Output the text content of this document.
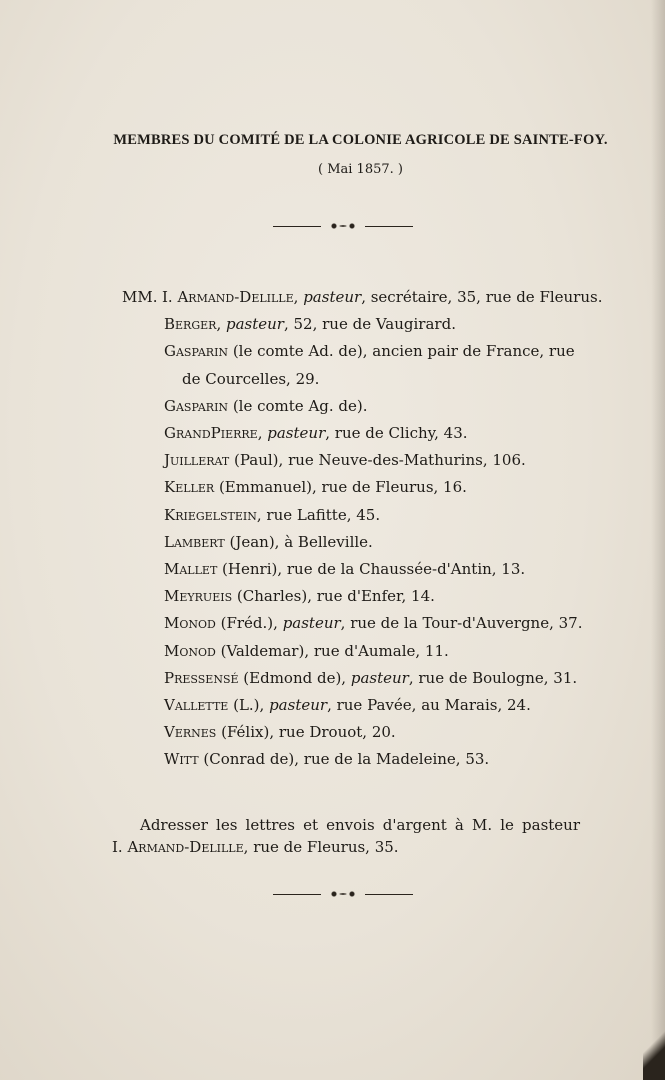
MEMBRES DU COMITÉ DE LA COLONIE AGRICOLE DE SAINTE-FOY.
( Mai 1857. )
MM. I. Armand-Delille, pasteur, secrétaire, 35, rue de Fleurus.
Berger, pasteur, 52, rue de Vaugirard.
Gasparin (le comte Ad. de), ancien pair de France, rue
de Courcelles, 29.
Gasparin (le comte Ag. de).
GrandPierre, pasteur, rue de Clichy, 43.
Juillerat (Paul), rue Neuve-des-Mathurins, 106.
Keller (Emmanuel), rue de Fleurus, 16.
Kriegelstein, rue Lafitte, 45.
Lambert (Jean), à Belleville.
Mallet (Henri), rue de la Chaussée-d'Antin, 13.
Meyrueis (Charles), rue d'Enfer, 14.
Monod (Fréd.), pasteur, rue de la Tour-d'Auvergne, 37.
Monod (Valdemar), rue d'Aumale, 11.
Pressensé (Edmond de), pasteur, rue de Boulogne, 31.
Vallette (L.), pasteur, rue Pavée, au Marais, 24.
Vernes (Félix), rue Drouot, 20.
Witt (Conrad de), rue de la Madeleine, 53.
Adresser les lettres et envois d'argent à M. le pasteur
I. Armand-Delille, rue de Fleurus, 35.
